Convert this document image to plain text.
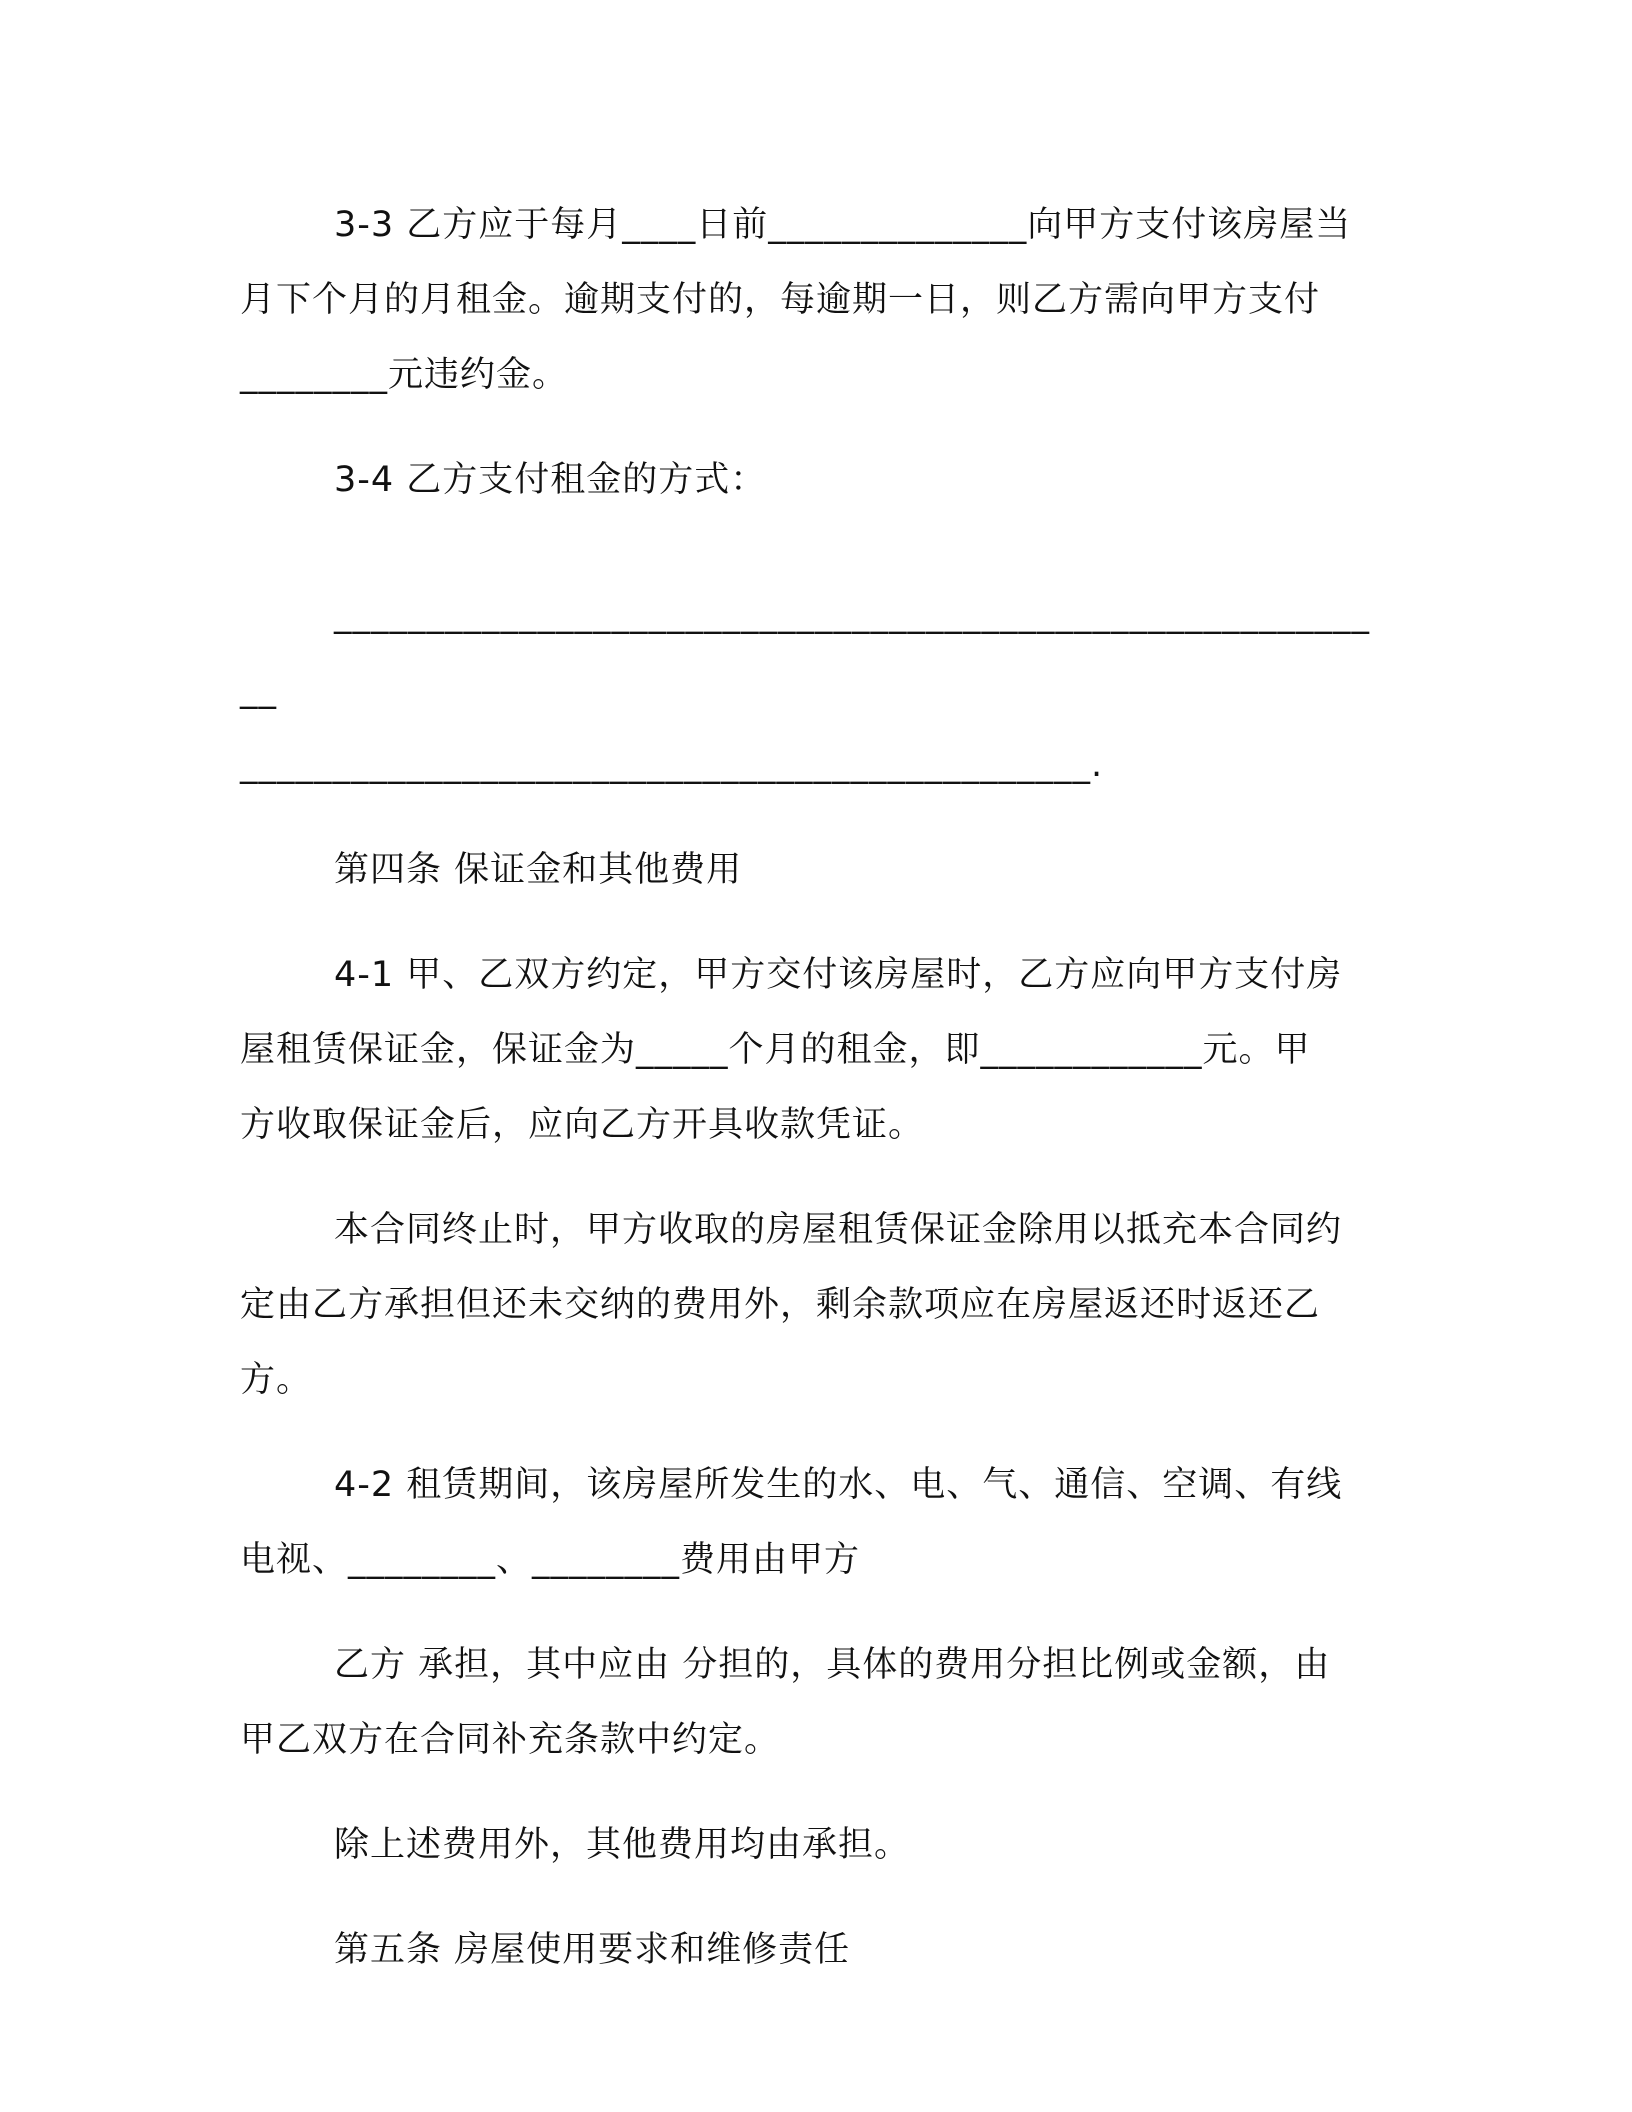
3-3 乙方应于每月____日前______________向甲方支付该房屋当

月下个月的月租金。逾期支付的，每逾期一日，则乙方需向甲方支付

________元违约金。

3-4 乙方支付租金的方式：

__________________________________________________________

______________________________________________.

第四条 保证金和其他费用

4-1 甲、乙双方约定，甲方交付该房屋时，乙方应向甲方支付房

屋租赁保证金，保证金为_____个月的租金，即____________元。甲

方收取保证金后，应向乙方开具收款凭证。

本合同终止时，甲方收取的房屋租赁保证金除用以抵充本合同约

定由乙方承担但还未交纳的费用外，剩余款项应在房屋返还时返还乙

方。

4-2 租赁期间，该房屋所发生的水、电、气、通信、空调、有线

电视、________、________费用由甲方

乙方 承担，其中应由 分担的，具体的费用分担比例或金额，由

甲乙双方在合同补充条款中约定。

除上述费用外，其他费用均由承担。

第五条 房屋使用要求和维修责任
